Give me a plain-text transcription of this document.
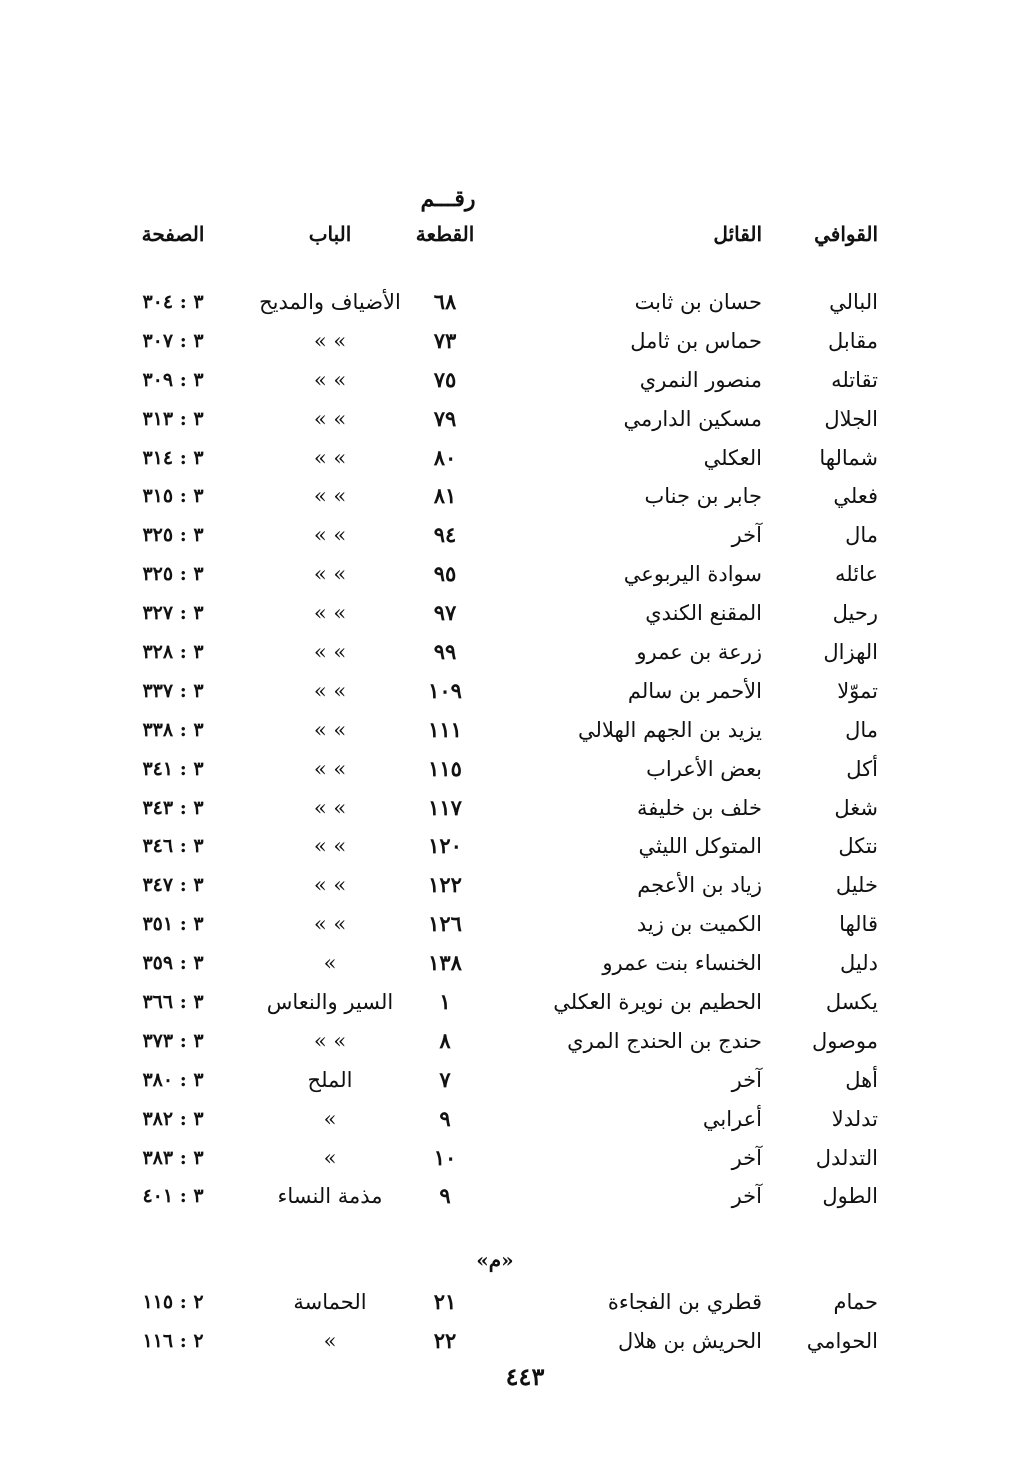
رقـــم
القوافي
القائل
القطعة
الباب
الصفحة
البالي
حسان بن ثابت
٦٨
الأضياف والمديح
٣ : ٣٠٤
مقابل
حماس بن ثامل
٧٣
» »
٣ : ٣٠٧
تقاتله
منصور النمري
٧٥
» »
٣ : ٣٠٩
الجلال
مسكين الدارمي
٧٩
» »
٣ : ٣١٣
شمالها
العكلي
٨٠
» »
٣ : ٣١٤
فعلي
جابر بن جناب
٨١
» »
٣ : ٣١٥
مال
آخر
٩٤
» »
٣ : ٣٢٥
عائله
سوادة اليربوعي
٩٥
» »
٣ : ٣٢٥
رحيل
المقنع الكندي
٩٧
» »
٣ : ٣٢٧
الهزال
زرعة بن عمرو
٩٩
» »
٣ : ٣٢٨
تموّلا
الأحمر بن سالم
١٠٩
» »
٣ : ٣٣٧
مال
يزيد بن الجهم الهلالي
١١١
» »
٣ : ٣٣٨
أكل
بعض الأعراب
١١٥
» »
٣ : ٣٤١
شغل
خلف بن خليفة
١١٧
» »
٣ : ٣٤٣
نتكل
المتوكل الليثي
١٢٠
» »
٣ : ٣٤٦
خليل
زياد بن الأعجم
١٢٢
» »
٣ : ٣٤٧
قالها
الكميت بن زيد
١٢٦
» »
٣ : ٣٥١
دليل
الخنساء بنت عمرو
١٣٨
»
٣ : ٣٥٩
يكسل
الحطيم بن نويرة العكلي
١
السير والنعاس
٣ : ٣٦٦
موصول
حندج بن الحندج المري
٨
» »
٣ : ٣٧٣
أهل
آخر
٧
الملح
٣ : ٣٨٠
تدلدلا
أعرابي
٩
»
٣ : ٣٨٢
التدلدل
آخر
١٠
»
٣ : ٣٨٣
الطول
آخر
٩
مذمة النساء
٣ : ٤٠١
«م»
حمام
قطري بن الفجاءة
٢١
الحماسة
٢ : ١١٥
الحوامي
الحريش بن هلال
٢٢
»
٢ : ١١٦
٤٤٣
